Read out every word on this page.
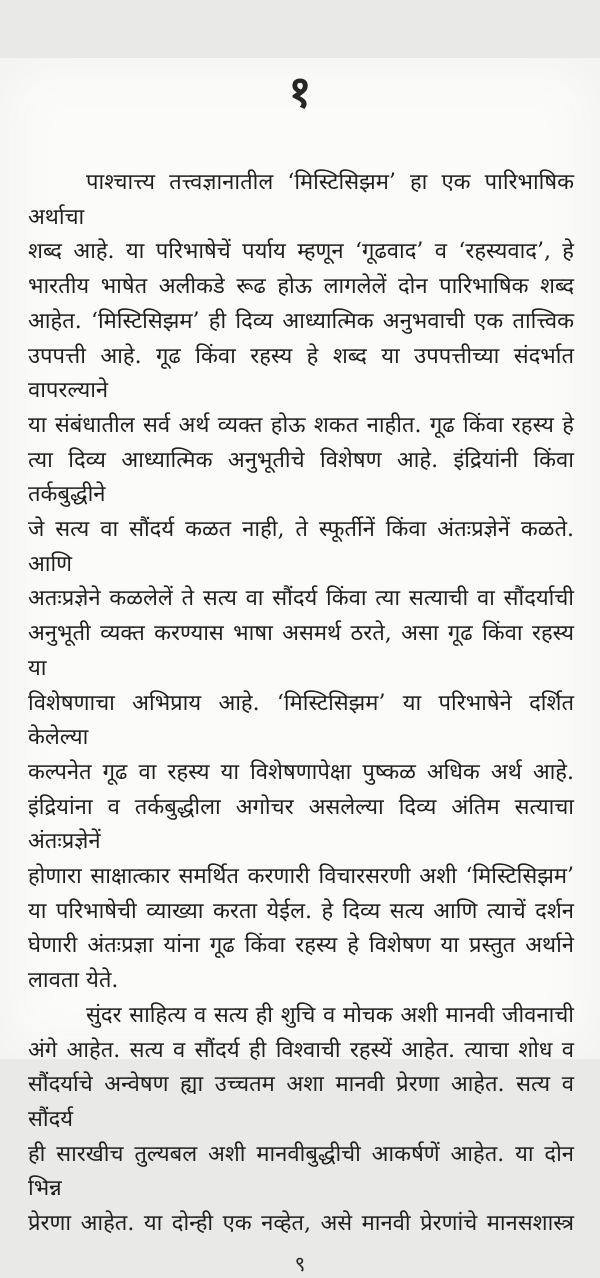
१
पाश्चात्त्य तत्त्वज्ञानातील ‘मिस्टिसिझम’ हा एक पारिभाषिक अर्थाचा
शब्द आहे. या परिभाषेचें पर्याय म्हणून ‘गूढवाद’ व ‘रहस्यवाद’, हे
भारतीय भाषेत अलीकडे रूढ होऊ लागलेलें दोन पारिभाषिक शब्द
आहेत. ‘मिस्टिसिझम’ ही दिव्य आध्यात्मिक अनुभवाची एक तात्त्विक
उपपत्ती आहे. गूढ किंवा रहस्य हे शब्द या उपपत्तीच्या संदर्भात वापरल्याने
या संबंधातील सर्व अर्थ व्यक्त होऊ शकत नाहीत. गूढ किंवा रहस्य हे
त्या दिव्य आध्यात्मिक अनुभूतीचे विशेषण आहे. इंद्रियांनी किंवा तर्कबुद्धीने
जे सत्य वा सौंदर्य कळत नाही, ते स्फूर्तीनें किंवा अंतःप्रज्ञेनें कळते. आणि
अतःप्रज्ञेने कळलेलें ते सत्य वा सौंदर्य किंवा त्या सत्याची वा सौंदर्याची
अनुभूती व्यक्त करण्यास भाषा असमर्थ ठरते, असा गूढ किंवा रहस्य या
विशेषणाचा अभिप्राय आहे. ‘मिस्टिसिझम’ या परिभाषेने दर्शित केलेल्या
कल्पनेत गूढ वा रहस्य या विशेषणापेक्षा पुष्कळ अधिक अर्थ आहे.
इंद्रियांना व तर्कबुद्धीला अगोचर असलेल्या दिव्य अंतिम सत्याचा अंतःप्रज्ञेनें
होणारा साक्षात्कार समर्थित करणारी विचारसरणी अशी ‘मिस्टिसिझम’
या परिभाषेची व्याख्या करता येईल. हे दिव्य सत्य आणि त्याचें दर्शन
घेणारी अंतःप्रज्ञा यांना गूढ किंवा रहस्य हे विशेषण या प्रस्तुत अर्थाने
लावता येते.
सुंदर साहित्य व सत्य ही शुचि व मोचक अशी मानवी जीवनाची
अंगे आहेत. सत्य व सौंदर्य ही विश्वाची रहस्यें आहेत. त्याचा शोध व
सौंदर्याचे अन्वेषण ह्या उच्चतम अशा मानवी प्रेरणा आहेत. सत्य व सौंदर्य
ही सारखीच तुल्यबल अशी मानवीबुद्धीची आकर्षणें आहेत. या दोन भिन्न
प्रेरणा आहेत. या दोन्ही एक नव्हेत, असे मानवी प्रेरणांचे मानसशास्त्र
९
